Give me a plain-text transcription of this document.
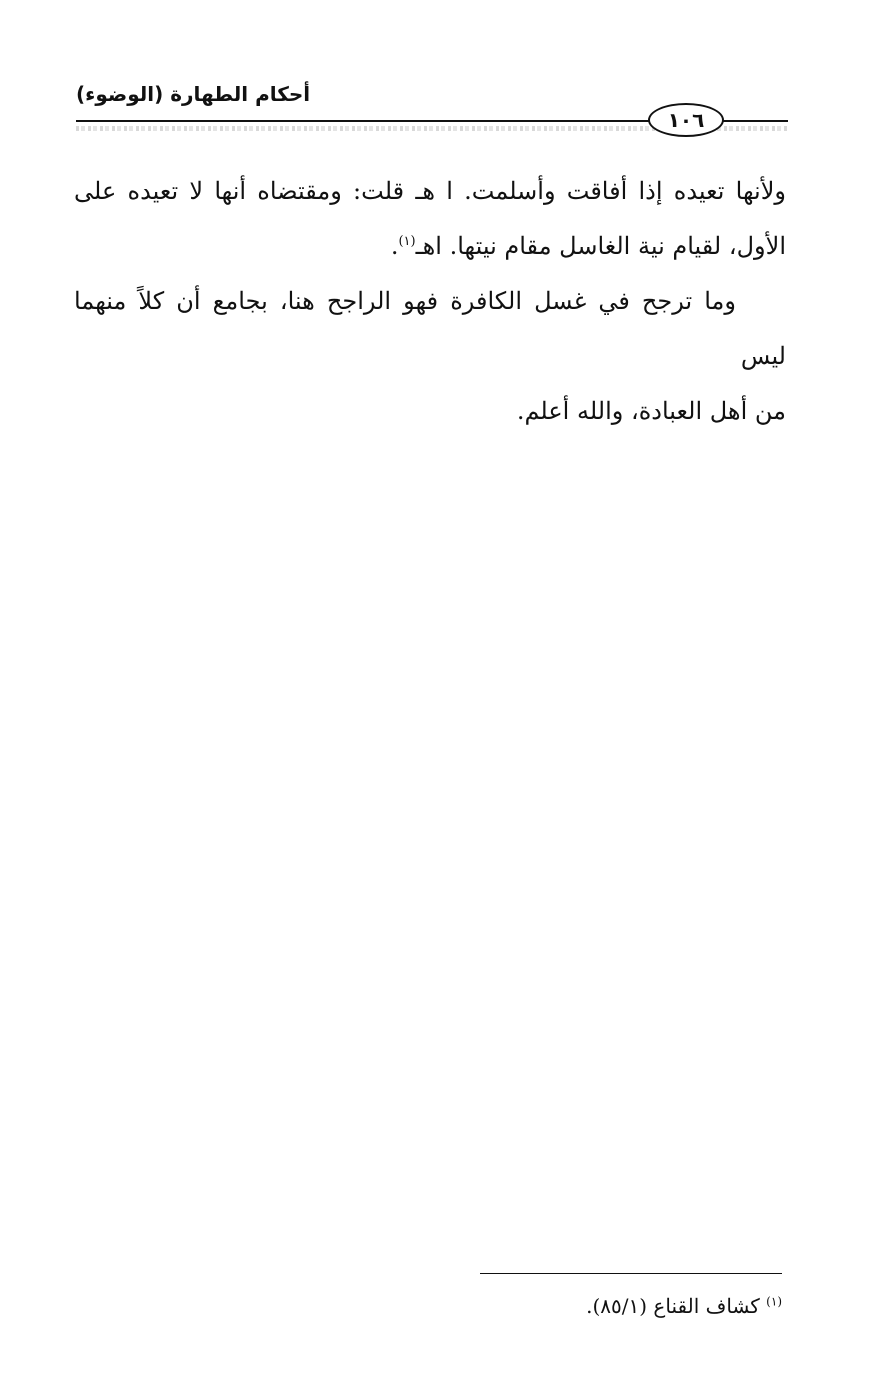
أحكام الطهارة (الوضوء)
١٠٦

ولأنها تعيده إذا أفاقت وأسلمت. ا هـ قلت: ومقتضاه أنها لا تعيده على
الأول، لقيام نية الغاسل مقام نيتها. اهـ$^{(١)}$.

وما ترجح في غسل الكافرة فهو الراجح هنا، بجامع أن كلاً منهما ليس
من أهل العبادة، والله أعلم.

$^{(١)}$ كشاف القناع (٨٥/١).
